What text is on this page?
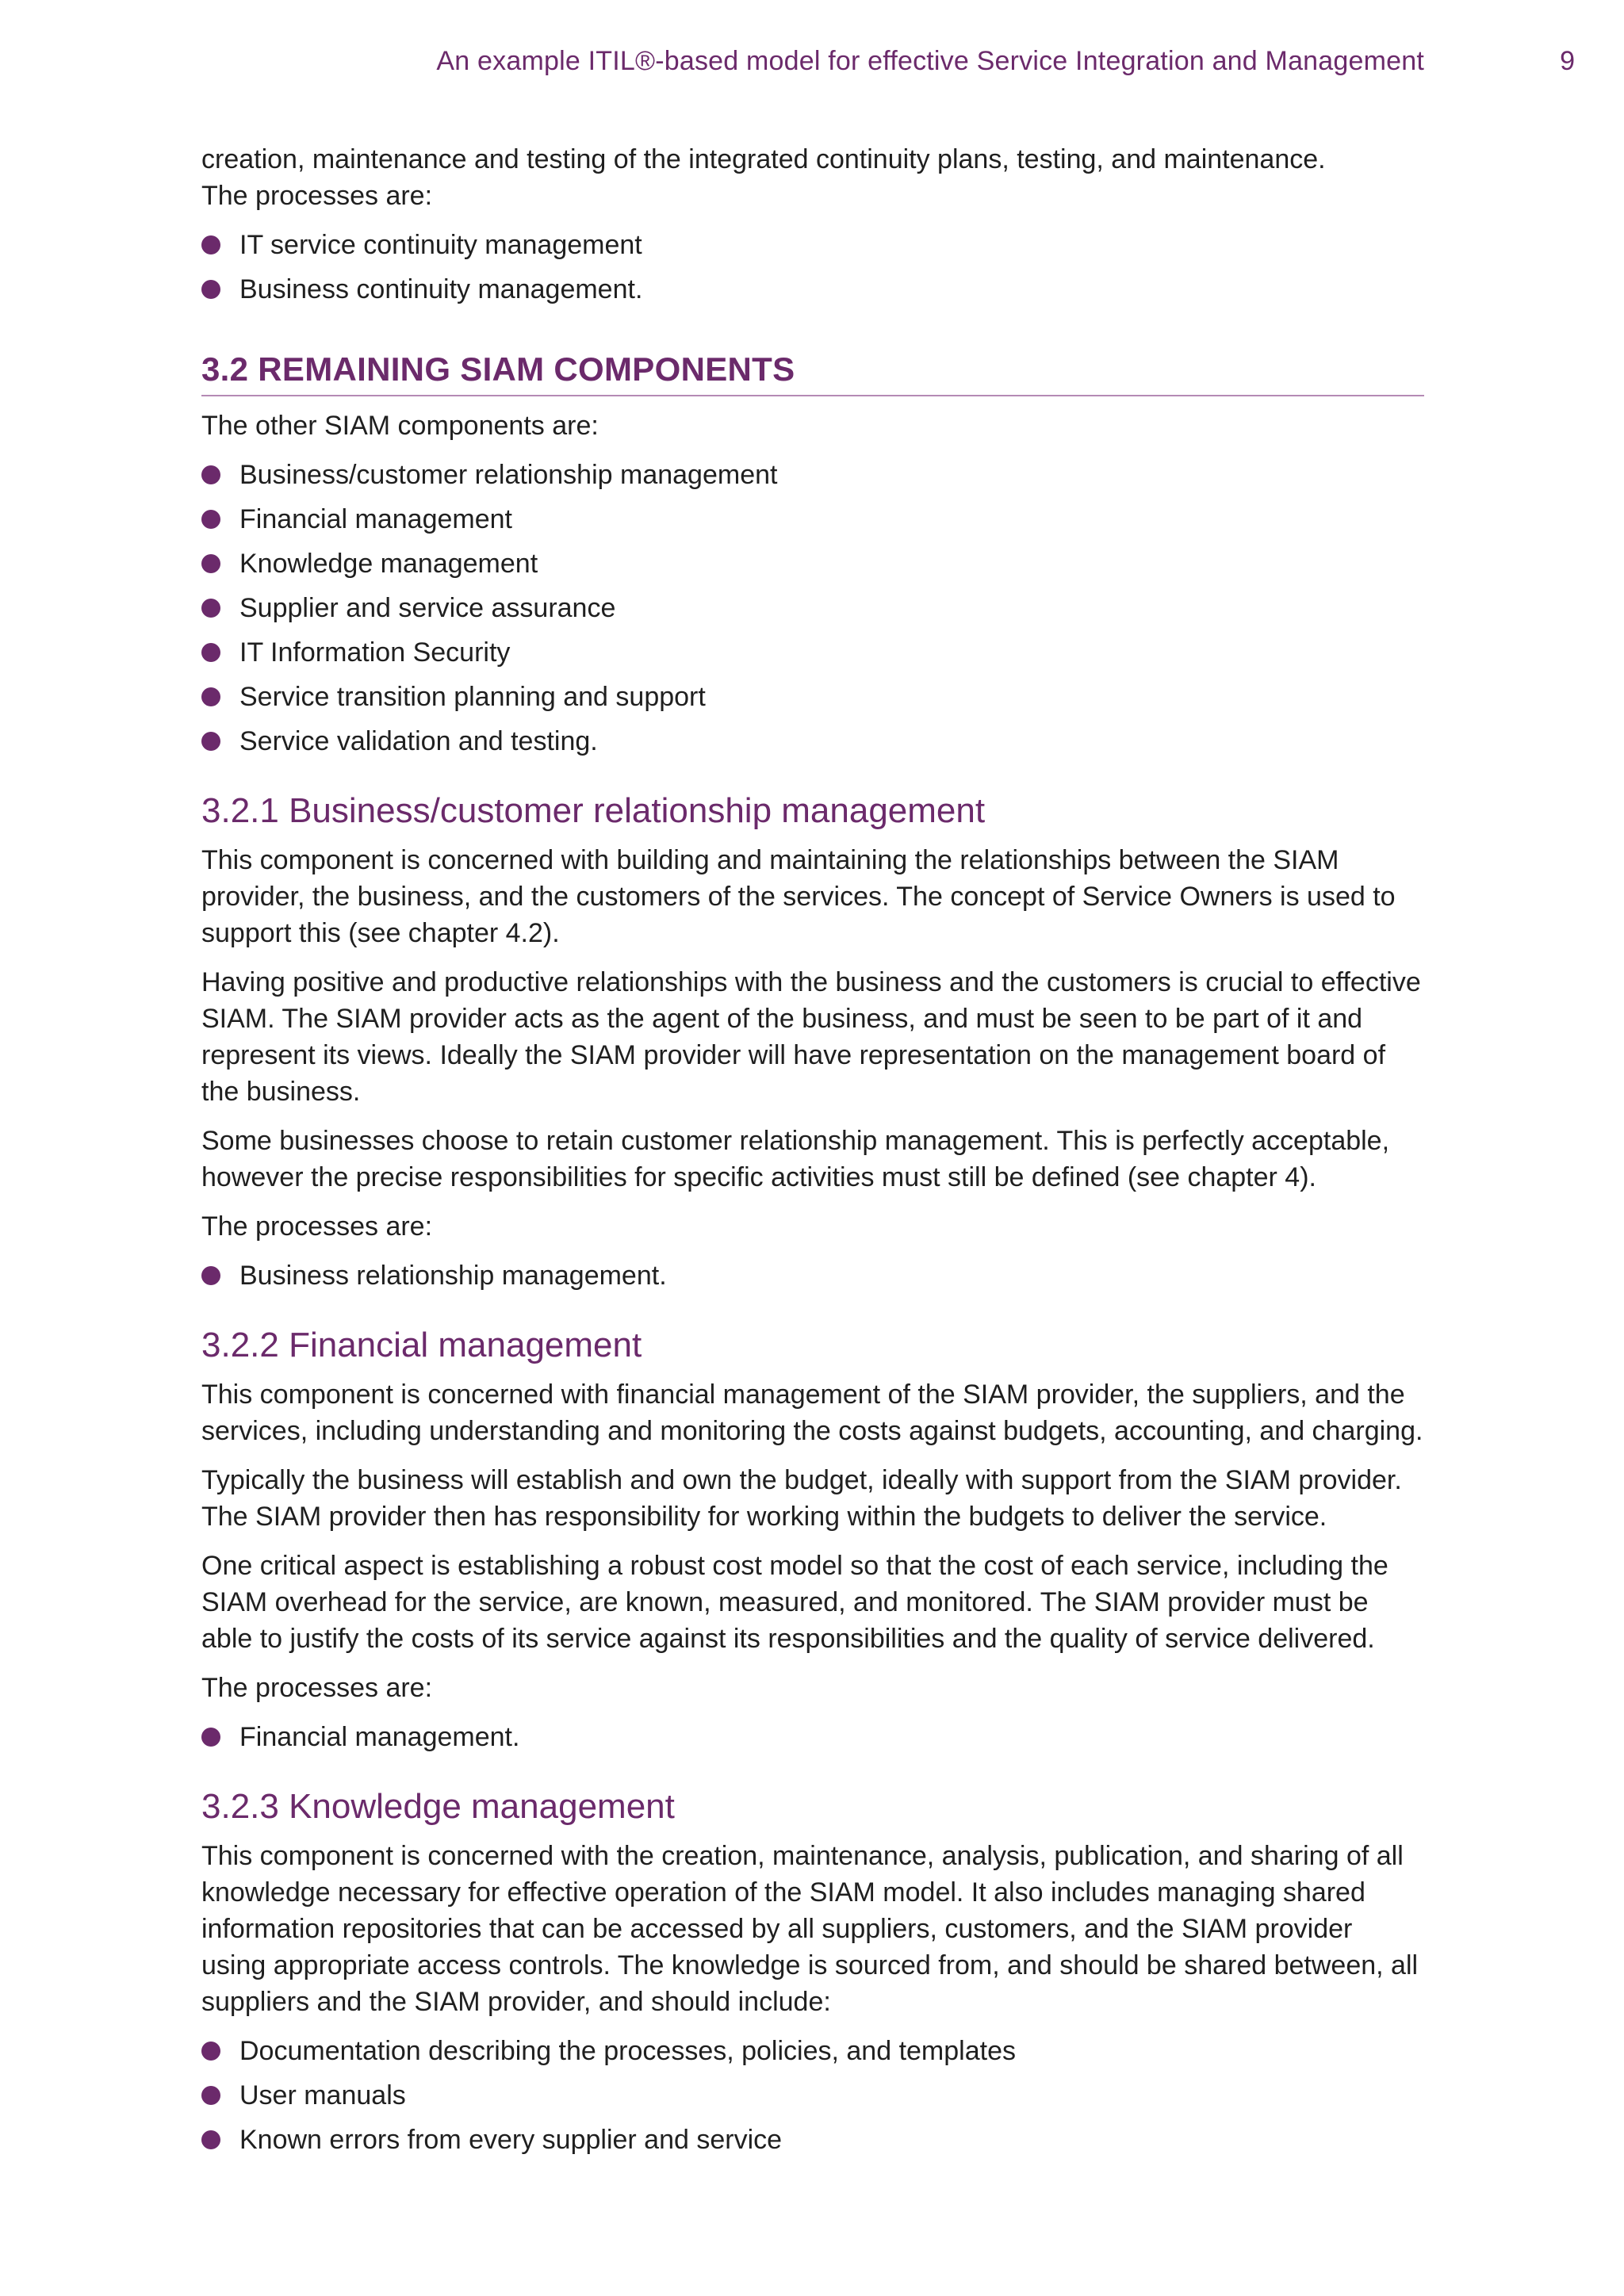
An example ITIL®-based model for effective Service Integration and Management	9

creation, maintenance and testing of the integrated continuity plans, testing, and maintenance.
The processes are:

IT service continuity management
Business continuity management.
3.2 REMAINING SIAM COMPONENTS

The other SIAM components are:

Business/customer relationship management
Financial management
Knowledge management
Supplier and service assurance
IT Information Security
Service transition planning and support
Service validation and testing.
3.2.1 Business/customer relationship management

This component is concerned with building and maintaining the relationships between the SIAM provider, the business, and the customers of the services. The concept of Service Owners is used to support this (see chapter 4.2).

Having positive and productive relationships with the business and the customers is crucial to effective SIAM. The SIAM provider acts as the agent of the business, and must be seen to be part of it and represent its views. Ideally the SIAM provider will have representation on the management board of the business.

Some businesses choose to retain customer relationship management. This is perfectly acceptable, however the precise responsibilities for specific activities must still be defined (see chapter 4).

The processes are:

Business relationship management.
3.2.2 Financial management

This component is concerned with financial management of the SIAM provider, the suppliers, and the services, including understanding and monitoring the costs against budgets, accounting, and charging.

Typically the business will establish and own the budget, ideally with support from the SIAM provider. The SIAM provider then has responsibility for working within the budgets to deliver the service.

One critical aspect is establishing a robust cost model so that the cost of each service, including the SIAM overhead for the service, are known, measured, and monitored. The SIAM provider must be able to justify the costs of its service against its responsibilities and the quality of service delivered.

The processes are:

Financial management.
3.2.3 Knowledge management

This component is concerned with the creation, maintenance, analysis, publication, and sharing of all knowledge necessary for effective operation of the SIAM model. It also includes managing shared information repositories that can be accessed by all suppliers, customers, and the SIAM provider using appropriate access controls. The knowledge is sourced from, and should be shared between, all suppliers and the SIAM provider, and should include:

Documentation describing the processes, policies, and templates
User manuals
Known errors from every supplier and service
